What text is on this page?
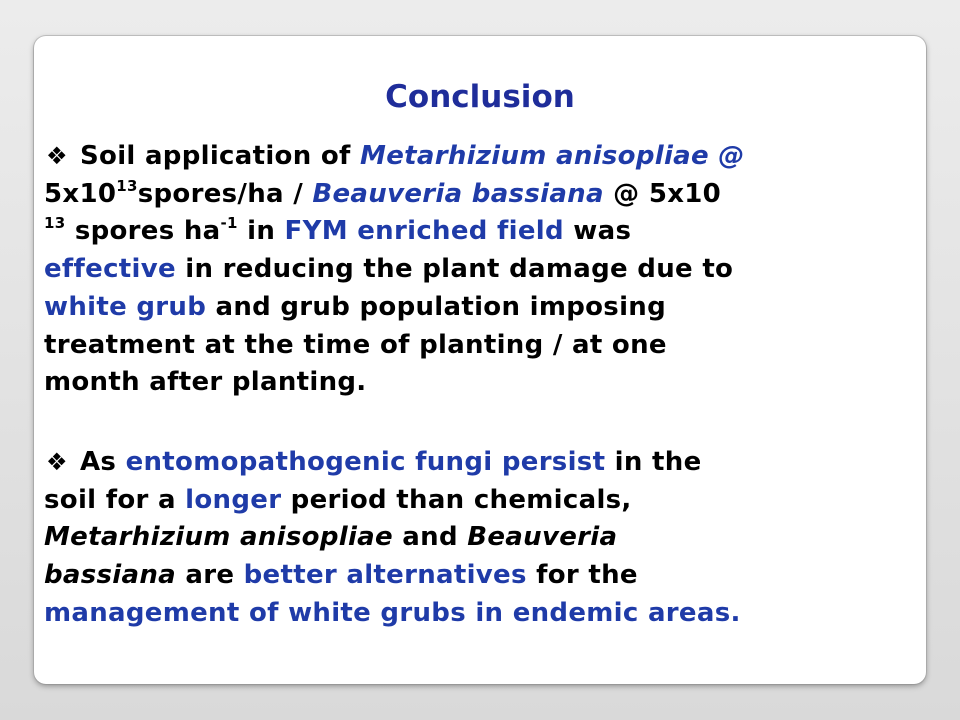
Conclusion
❖ Soil application of Metarhizium anisopliae @
$5x10^{13}spores/ha$ / Beauveria bassiana @ 5x10
$^{13}$ spores $ha^{-1}$ in FYM enriched field was
effective in reducing the plant damage due to
white grub and grub population imposing
treatment at the time of planting / at one
month after planting.
❖ As entomopathogenic fungi persist in the
soil for a longer period than chemicals,
Metarhizium anisopliae and Beauveria
bassiana are better alternatives for the
management of white grubs in endemic areas.
